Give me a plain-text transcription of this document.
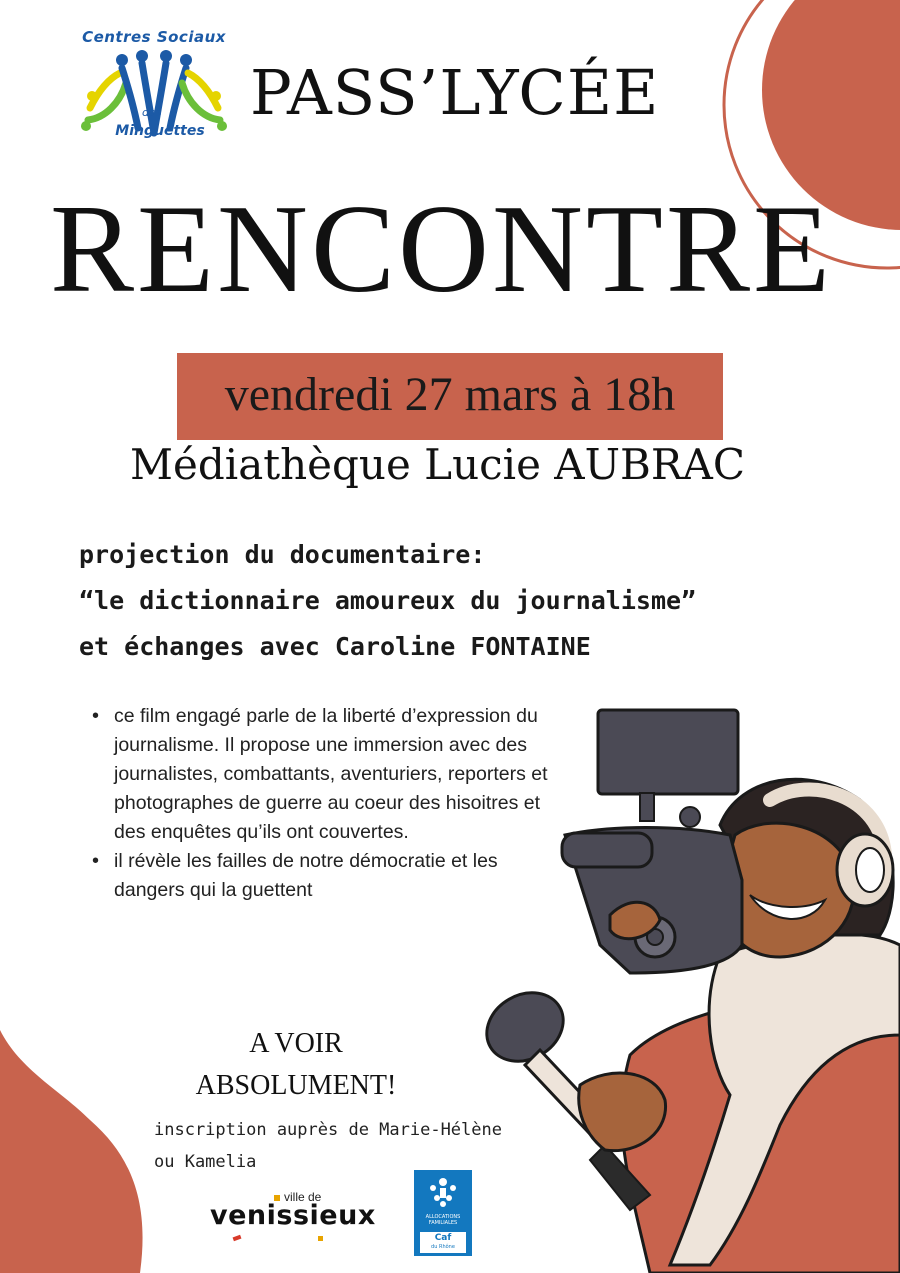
Centres Sociaux
des
Minguettes
PASS’LYCÉE
RENCONTRE
vendredi 27 mars à 18h
Médiathèque Lucie AUBRAC
projection du documentaire:
“le dictionnaire amoureux du journalisme”
et échanges avec Caroline FONTAINE
• ce film engagé parle de la liberté d’expression du journalisme. Il propose une immersion avec des journalistes, combattants, aventuriers, reporters et photographes de guerre au coeur des hisoitres et des enquêtes qu’ils ont couvertes.
• il révèle les failles de notre démocratie et les dangers qui la guettent
A VOIR
ABSOLUMENT!
inscription auprès de Marie-Hélène
ou Kamelia
ville de
venissieux	ALLOCATIONS FAMILIALES
Caf
du Rhône
